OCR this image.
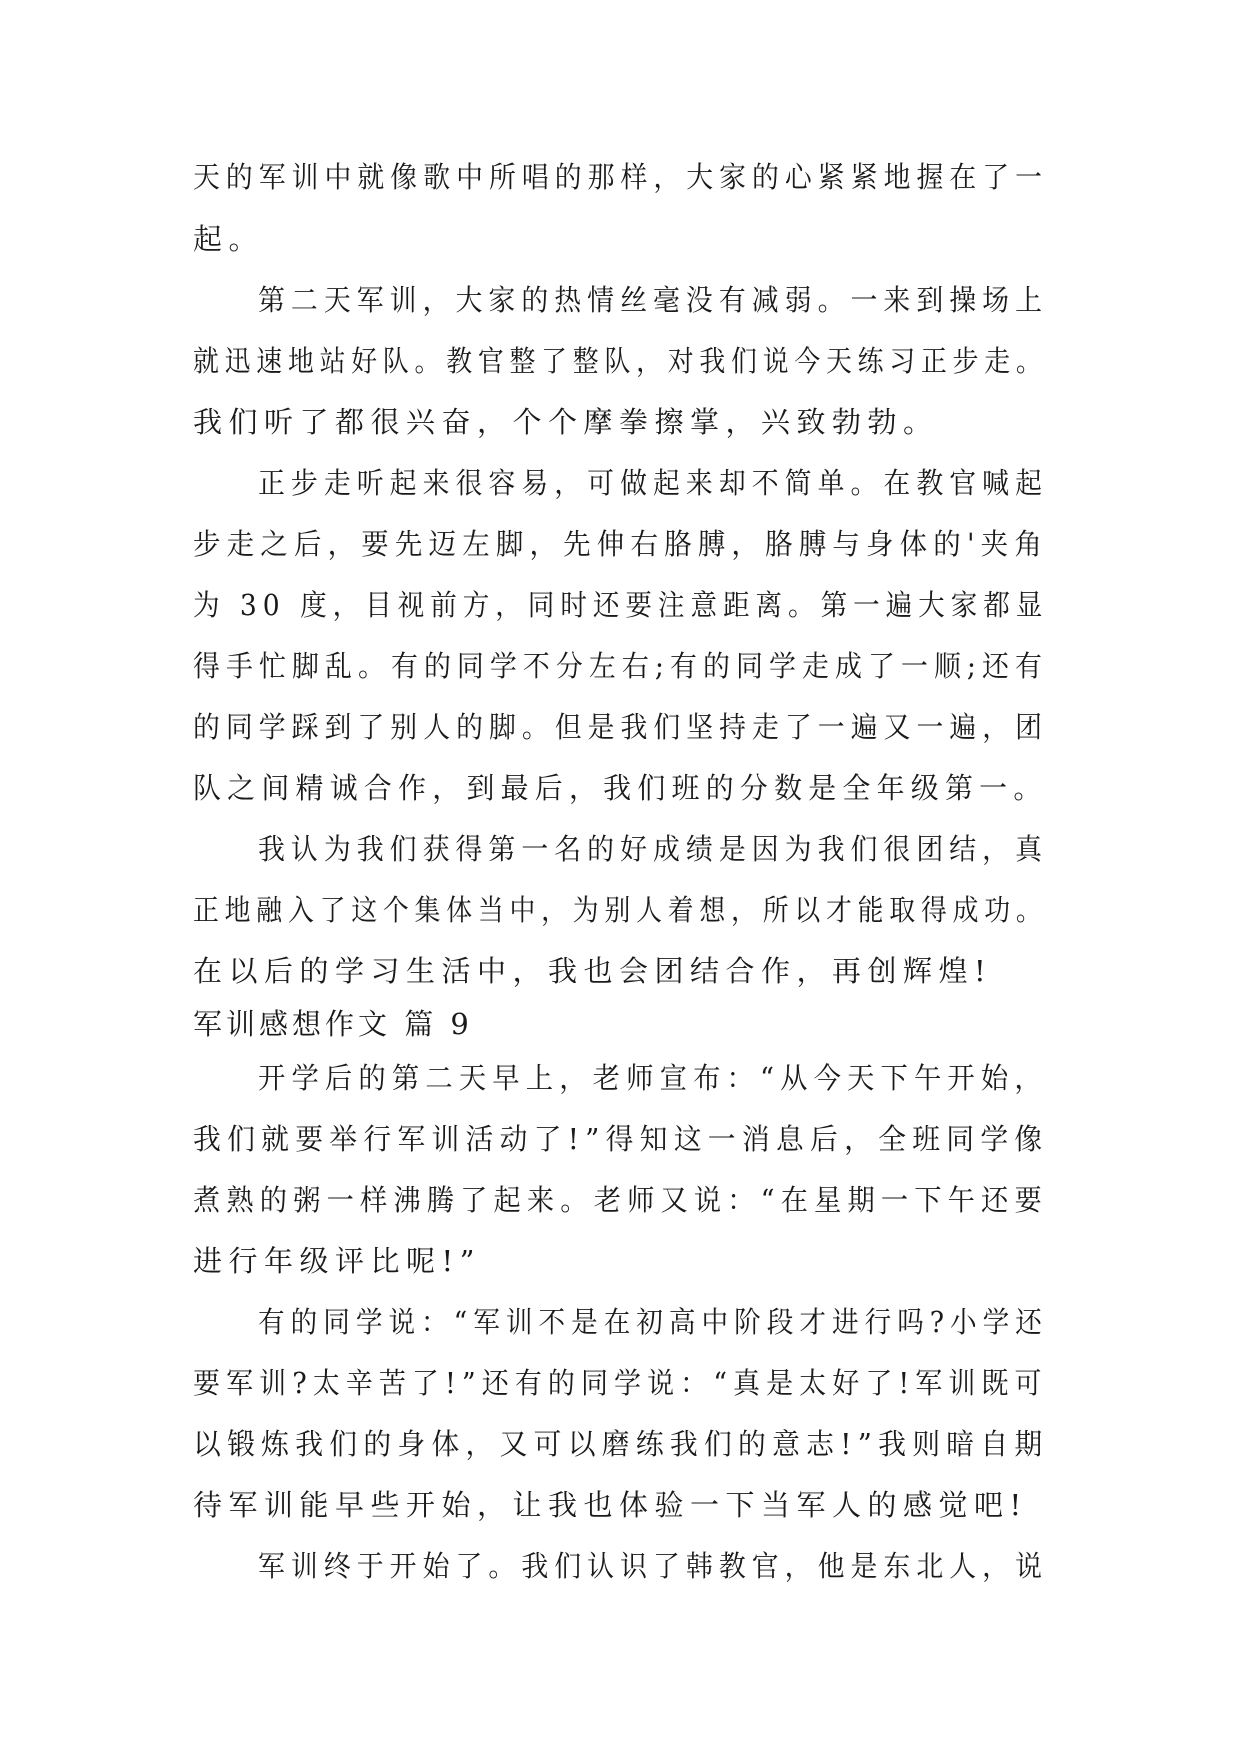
天的军训中就像歌中所唱的那样，大家的心紧紧地握在了一
起。
第二天军训，大家的热情丝毫没有减弱。一来到操场上
就迅速地站好队。教官整了整队，对我们说今天练习正步走。
我们听了都很兴奋，个个摩拳擦掌，兴致勃勃。
正步走听起来很容易，可做起来却不简单。在教官喊起
步走之后，要先迈左脚，先伸右胳膊，胳膊与身体的'夹角
为 30 度，目视前方，同时还要注意距离。第一遍大家都显
得手忙脚乱。有的同学不分左右;有的同学走成了一顺;还有
的同学踩到了别人的脚。但是我们坚持走了一遍又一遍，团
队之间精诚合作，到最后，我们班的分数是全年级第一。
我认为我们获得第一名的好成绩是因为我们很团结，真
正地融入了这个集体当中，为别人着想，所以才能取得成功。
在以后的学习生活中，我也会团结合作，再创辉煌!
军训感想作文 篇 9
开学后的第二天早上，老师宣布：“从今天下午开始，
我们就要举行军训活动了!”得知这一消息后，全班同学像
煮熟的粥一样沸腾了起来。老师又说：“在星期一下午还要
进行年级评比呢!”
有的同学说：“军训不是在初高中阶段才进行吗?小学还
要军训?太辛苦了!”还有的同学说：“真是太好了!军训既可
以锻炼我们的身体，又可以磨练我们的意志!”我则暗自期
待军训能早些开始，让我也体验一下当军人的感觉吧!
军训终于开始了。我们认识了韩教官，他是东北人，说
